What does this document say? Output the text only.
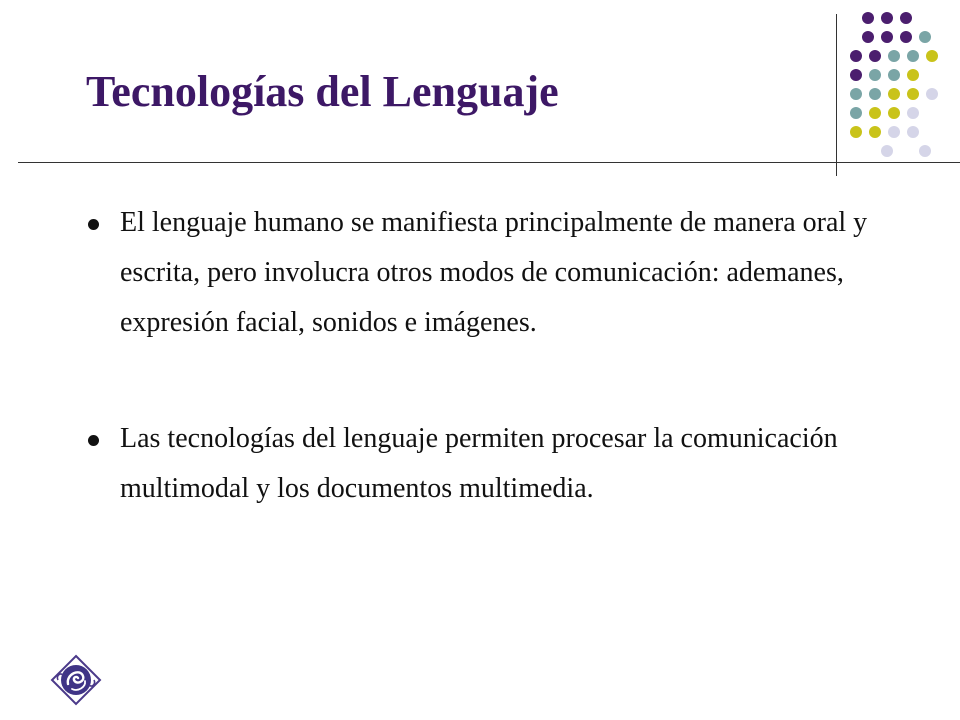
Tecnologías del Lenguaje
El lenguaje humano se manifiesta principalmente de manera oral y escrita, pero involucra otros modos de comunicación: ademanes, expresión facial, sonidos e imágenes.
Las tecnologías del lenguaje permiten procesar la comunicación multimodal y los documentos multimedia.
